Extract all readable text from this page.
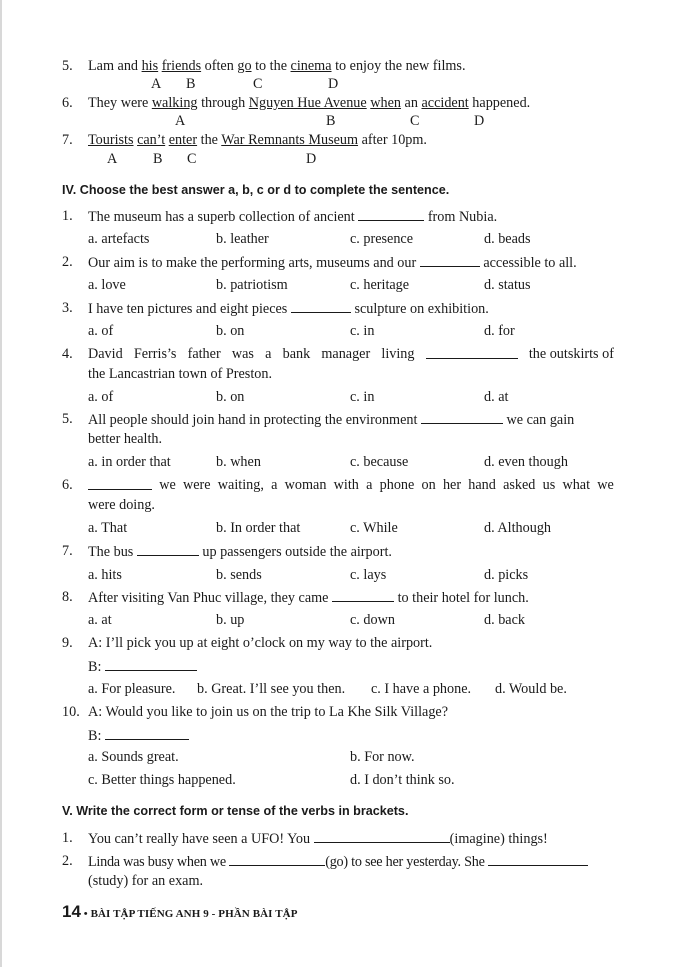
5. Lam and his friends often go to the cinema to enjoy the new films.
A B	C	D
6. They were walking through Nguyen Hue Avenue when an accident happened.
A	B	C	D
7. Tourists can’t enter the War Remnants Museum after 10pm.
A	B C	D
IV. Choose the best answer a, b, c or d to complete the sentence.
1. The museum has a superb collection of ancient	from Nubia.
a. artefacts	b. leather	c. presence	d. beads
2. Our aim is to make the performing arts, museums and our	accessible to all.
a. love	b. patriotism	c. heritage	d. status
3. I have ten pictures and eight pieces	sculpture on exhibition.
a. of	b. on	c. in	d. for
4. David Ferris’s father was a bank manager living	the outskirts of
the Lancastrian town of Preston.
a. of	b. on	c. in	d. at
5. All people should join hand in protecting the environment	we can gain
better health.
a. in order that	b. when	c. because	d. even though
6.	we were waiting, a woman with a phone on her hand asked us what we
were doing.
a. That	b. In order that	c. While	d. Although
7. The bus	up passengers outside the airport.
a. hits	b. sends	c. lays	d. picks
8. After visiting Van Phuc village, they came	to their hotel for lunch.
a. at	b. up	c. down	d. back
9. A: I’ll pick you up at eight o’clock on my way to the airport.
B:
a. For pleasure. b. Great. I’ll see you then. c. I have a phone. d. Would be.
10. A: Would you like to join us on the trip to La Khe Silk Village?
B:
a. Sounds great.	b. For now.
c. Better things happened.	d. I don’t think so.
V. Write the correct form or tense of the verbs in brackets.
1. You can’t really have seen a UFO! You	(imagine) things!
2. Linda was busy when we	(go) to see her yesterday. She
(study) for an exam.
14 • BÀI TẬP TIẾNG ANH 9 - PHẦN BÀI TẬP
